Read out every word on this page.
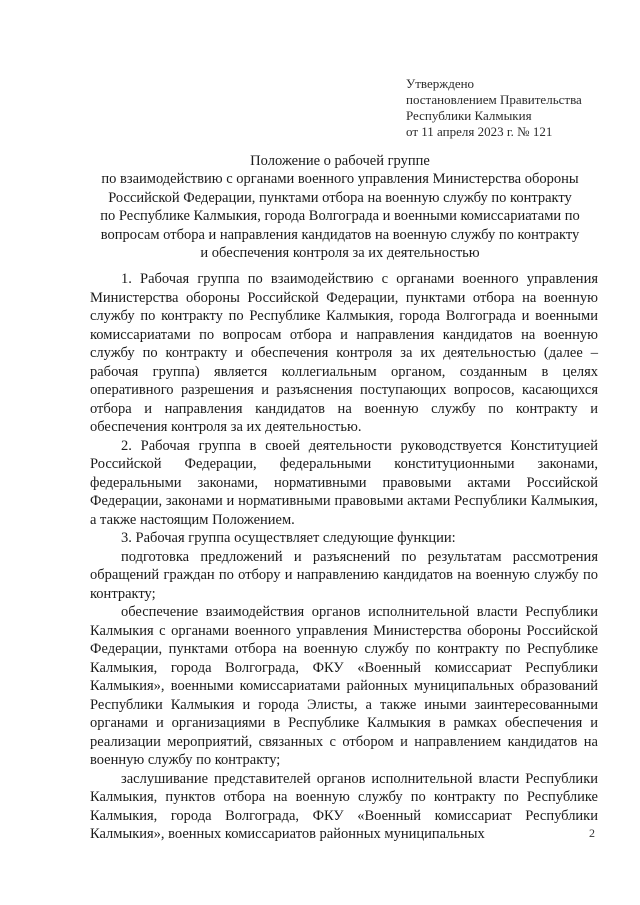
Утверждено
постановлением Правительства
Республики Калмыкия
от 11 апреля 2023 г. № 121
Положение о рабочей группе
по взаимодействию с органами военного управления Министерства обороны
Российской Федерации, пунктами отбора на военную службу по контракту
по Республике Калмыкия, города Волгограда и военными комиссариатами по
вопросам отбора и направления кандидатов на военную службу по контракту
и обеспечения контроля за их деятельностью

1. Рабочая группа по взаимодействию с органами военного управления Министерства обороны Российской Федерации, пунктами отбора на военную службу по контракту по Республике Калмыкия, города Волгограда и военными комиссариатами по вопросам отбора и направления кандидатов на военную службу по контракту и обеспечения контроля за их деятельностью (далее – рабочая группа) является коллегиальным органом, созданным в целях оперативного разрешения и разъяснения поступающих вопросов, касающихся отбора и направления кандидатов на военную службу по контракту и обеспечения контроля за их деятельностью.

2. Рабочая группа в своей деятельности руководствуется Конституцией Российской Федерации, федеральными конституционными законами, федеральными законами, нормативными правовыми актами Российской Федерации, законами и нормативными правовыми актами Республики Калмыкия, а также настоящим Положением.

3. Рабочая группа осуществляет следующие функции:

подготовка предложений и разъяснений по результатам рассмотрения обращений граждан по отбору и направлению кандидатов на военную службу по контракту;

обеспечение взаимодействия органов исполнительной власти Республики Калмыкия с органами военного управления Министерства обороны Российской Федерации, пунктами отбора на военную службу по контракту по Республике Калмыкия, города Волгограда, ФКУ «Военный комиссариат Республики Калмыкия», военными комиссариатами районных муниципальных образований Республики Калмыкия и города Элисты, а также иными заинтересованными органами и организациями в Республике Калмыкия в рамках обеспечения и реализации мероприятий, связанных с отбором и направлением кандидатов на военную службу по контракту;

заслушивание представителей органов исполнительной власти Республики Калмыкия, пунктов отбора на военную службу по контракту по Республике Калмыкия, города Волгограда, ФКУ «Военный комиссариат Республики Калмыкия», военных комиссариатов районных муниципальных	2
